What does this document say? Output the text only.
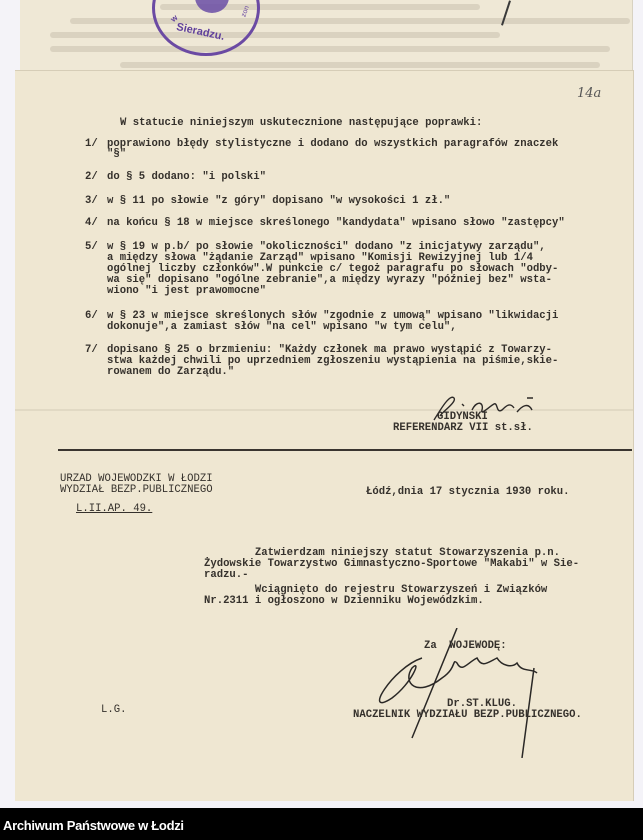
w
Sieradzu.
zon
14a
W statucie niniejszym uskutecznione następujące poprawki:
1/ poprawiono błędy stylistyczne i dodano do wszystkich paragrafów znaczek
"§"
2/ do § 5 dodano: "i polski"
3/ w § 11 po słowie "z góry" dopisano "w wysokości 1 zł."
4/ na końcu § 18 w miejsce skreślonego "kandydata" wpisano słowo "zastępcy"
5/ w § 19 w p.b/ po słowie "okoliczności" dodano "z inicjatywy zarządu",
a między słowa "żądanie Zarząd" wpisano "Komisji Rewizyjnej lub 1/4
ogólnej liczby członków".W punkcie c/ tegoż paragrafu po słowach "odby-
wa się" dopisano "ogólne zebranie",a między wyrazy "później bez" wsta-
wiono "i jest prawomocne"
6/ w § 23 w miejsce skreślonych słów "zgodnie z umową" wpisano "likwidacji
dokonuje",a zamiast słów "na cel" wpisano "w tym celu",
7/ dopisano § 25 o brzmieniu: "Każdy członek ma prawo wystąpić z Towarzy-
stwa każdej chwili po uprzedniem zgłoszeniu wystąpienia na piśmie,skie-
rowanem do Zarządu."
GIDYNSKI
REFERENDARZ VII st.sł.
URZAD WOJEWODZKI W ŁODZI
WYDZIAŁ BEZP.PUBLICZNEGO
L.II.AP. 49.
Łódź,dnia 17 stycznia 1930 roku.
Zatwierdzam niniejszy statut Stowarzyszenia p.n.
Żydowskie Towarzystwo Gimnastyczno-Sportowe "Makabi" w Sie-
radzu.-
Wciągnięto do rejestru Stowarzyszeń i Związków
Nr.2311 i ogłoszono w Dzienniku Wojewódzkim.
Za  WOJEWODĘ:
Dr.ST.KLUG.
NACZELNIK WYDZIAŁU BEZP.PUBLICZNEGO.
L.G.
Archiwum Państwowe w Łodzi
